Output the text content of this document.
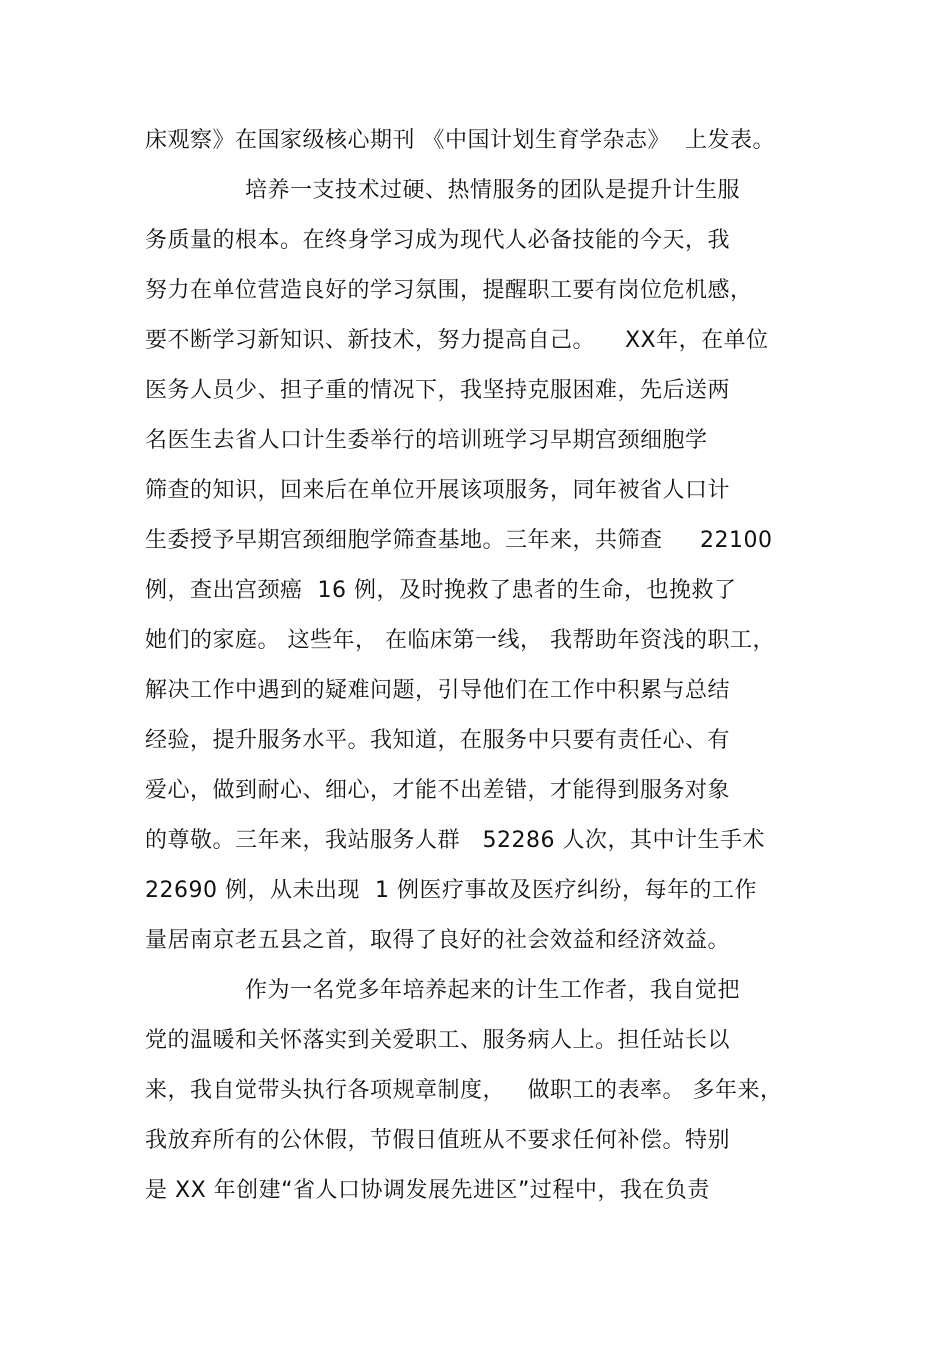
床观察》在国家级核心期刊 《中国计划生育学杂志》  上发表。
培养一支技术过硬、热情服务的团队是提升计生服
务质量的根本。在终身学习成为现代人必备技能的今天，我
努力在单位营造良好的学习氛围，提醒职工要有岗位危机感，
要不断学习新知识、新技术，努力提高自己。    XX年，在单位
医务人员少、担子重的情况下，我坚持克服困难，先后送两
名医生去省人口计生委举行的培训班学习早期宫颈细胞学
筛查的知识，回来后在单位开展该项服务，同年被省人口计
生委授予早期宫颈细胞学筛查基地。三年来，共筛查     22100
例，查出宫颈癌  16 例，及时挽救了患者的生命，也挽救了
她们的家庭。 这些年， 在临床第一线， 我帮助年资浅的职工，
解决工作中遇到的疑难问题，引导他们在工作中积累与总结
经验，提升服务水平。我知道，在服务中只要有责任心、有
爱心，做到耐心、细心，才能不出差错，才能得到服务对象
的尊敬。三年来，我站服务人群   52286 人次，其中计生手术
22690 例，从未出现  1 例医疗事故及医疗纠纷，每年的工作
量居南京老五县之首，取得了良好的社会效益和经济效益。
作为一名党多年培养起来的计生工作者，我自觉把
党的温暖和关怀落实到关爱职工、服务病人上。担任站长以
来，我自觉带头执行各项规章制度，   做职工的表率。 多年来，
我放弃所有的公休假，节假日值班从不要求任何补偿。特别
是 XX 年创建“省人口协调发展先进区”过程中，我在负责
